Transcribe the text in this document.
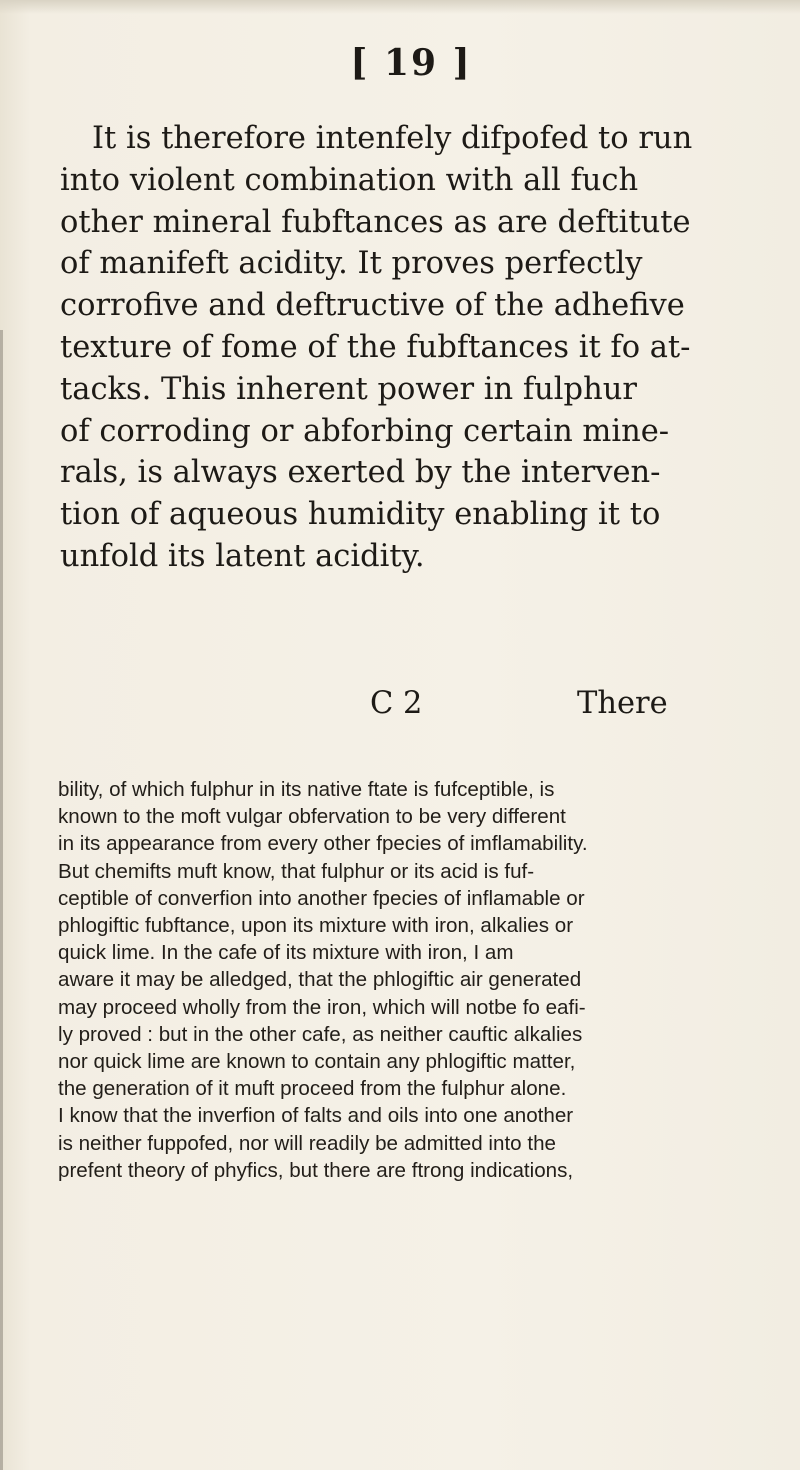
[ 19 ]
It is therefore intenfely difpofed to run
into violent combination with all fuch
other mineral fubftances as are deftitute
of manifeft acidity. It proves perfectly
corrofive and deftructive of the adhefive
texture of fome of the fubftances it fo at-
tacks. This inherent power in fulphur
of corroding or abforbing certain mine-
rals, is always exerted by the interven-
tion of aqueous humidity enabling it to
unfold its latent acidity.
C 2	There
bility, of which fulphur in its native ftate is fufceptible, is
known to the moft vulgar obfervation to be very different
in its appearance from every other fpecies of imflamability.
But chemifts muft know, that fulphur or its acid is fuf-
ceptible of converfion into another fpecies of inflamable or
phlogiftic fubftance, upon its mixture with iron, alkalies or
quick lime. In the cafe of its mixture with iron, I am
aware it may be alledged, that the phlogiftic air generated
may proceed wholly from the iron, which will notbe fo eafi-
ly proved : but in the other cafe, as neither cauftic alkalies
nor quick lime are known to contain any phlogiftic matter,
the generation of it muft proceed from the fulphur alone.
I know that the inverfion of falts and oils into one another
is neither fuppofed, nor will readily be admitted into the
prefent theory of phyfics, but there are ftrong indications,
